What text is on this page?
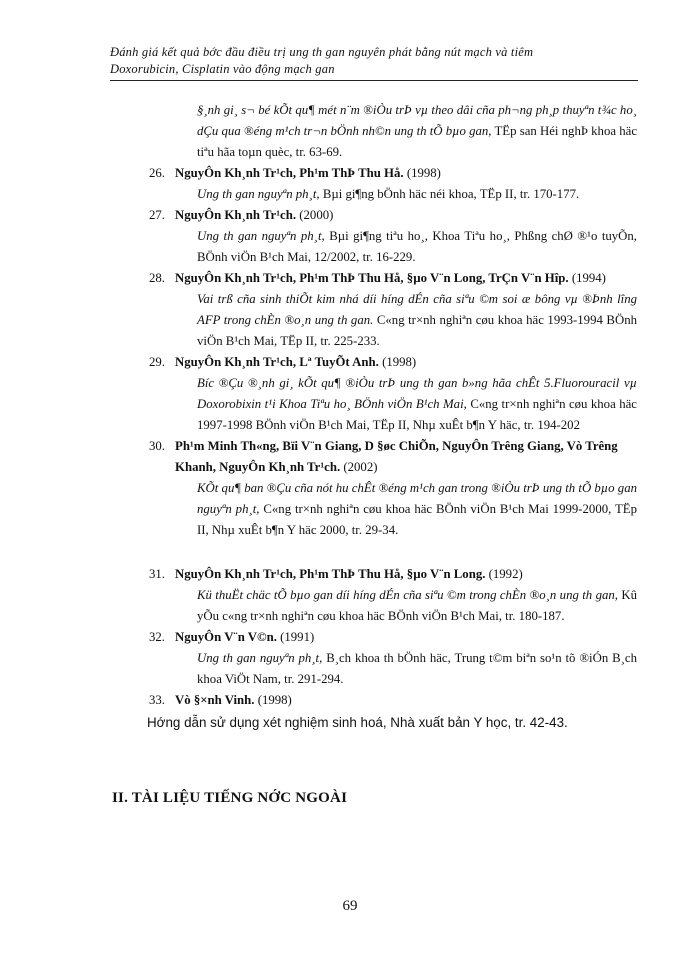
Đánh giá kết quả bớc đầu điều trị ung th gan nguyên phát bằng nút mạch và tiêm
Doxorubicin, Cisplatin vào động mạch gan
§¸nh gi¸ s¬ bé kÕt qu¶ mét n¨m ®iÒu trÞ vµ theo dâi cña ph¬ng ph¸p thuyªn t¾c ho¸ dÇu qua ®éng m¹ch tr¬n bÖnh nh©n ung th tÕ bµo gan, TËp san Héi nghÞ khoa häc tiªu hãa toµn quèc, tr. 63-69.
26. NguyÔn Kh¸nh Tr¹ch, Ph¹m ThÞ Thu Hå. (1998)
Ung th gan nguyªn ph¸t, Bµi gi¶ng bÖnh häc néi khoa, TËp II, tr. 170-177.
27. NguyÔn Kh¸nh Tr¹ch. (2000)
Ung th gan nguyªn ph¸t, Bµi gi¶ng tiªu ho¸, Khoa Tiªu ho¸, Phßng chØ ®¹o tuyÕn, BÖnh viÖn B¹ch Mai, 12/2002, tr. 16-229.
28. NguyÔn Kh¸nh Tr¹ch, Ph¹m ThÞ Thu Hå, §µo V¨n Long, TrÇn V¨n Hîp. (1994)
Vai trß cña sinh thiÕt kim nhá díi híng dÉn cña siªu ©m soi æ bông vµ ®Þnh lîng AFP trong chÈn ®o¸n ung th gan. C«ng tr×nh nghiªn cøu khoa häc 1993-1994 BÖnh viÖn B¹ch Mai, TËp II, tr. 225-233.
29. NguyÔn Kh¸nh Tr¹ch, Lª TuyÕt Anh. (1998)
Bíc ®Çu ®¸nh gi¸ kÕt qu¶ ®iÒu trÞ ung th gan b»ng hãa chÊt 5.Fluorouracil vµ Doxorobixin t¹i Khoa Tiªu ho¸ BÖnh viÖn B¹ch Mai, C«ng tr×nh nghiªn cøu khoa häc 1997-1998 BÖnh viÖn B¹ch Mai, TËp II, Nhµ xuÊt b¶n Y häc, tr. 194-202
30. Ph¹m Minh Th«ng, Bïi V¨n Giang, D §øc ChiÕn, NguyÔn Trêng Giang, Vò Trêng Khanh, NguyÔn Kh¸nh Tr¹ch. (2002)
KÕt qu¶ ban ®Çu cña nót hu chÊt ®éng m¹ch gan trong ®iÒu trÞ ung th tÕ bµo gan nguyªn ph¸t, C«ng tr×nh nghiªn cøu khoa häc BÖnh viÖn B¹ch Mai 1999-2000, TËp II, Nhµ xuÊt b¶n Y häc 2000, tr. 29-34.
31. NguyÔn Kh¸nh Tr¹ch, Ph¹m ThÞ Thu Hå, §µo V¨n Long. (1992)
Kü thuËt chäc tÕ bµo gan díi híng dÉn cña siªu ©m trong chÈn ®o¸n ung th gan, Kû yÕu c«ng tr×nh nghiªn cøu khoa häc BÖnh viÖn B¹ch Mai, tr. 180-187.
32. NguyÔn V¨n V©n. (1991)
Ung th gan nguyªn ph¸t, B¸ch khoa th bÖnh häc, Trung t©m biªn so¹n tõ ®iÓn B¸ch khoa ViÖt Nam, tr. 291-294.
33. Vò §×nh Vinh. (1998)
Hớng dẫn sử dụng xét nghiệm sinh hoá, Nhà xuất bản Y học, tr. 42-43.
II. TÀI LIỆU TIẾNG NỚC NGOÀI
69
